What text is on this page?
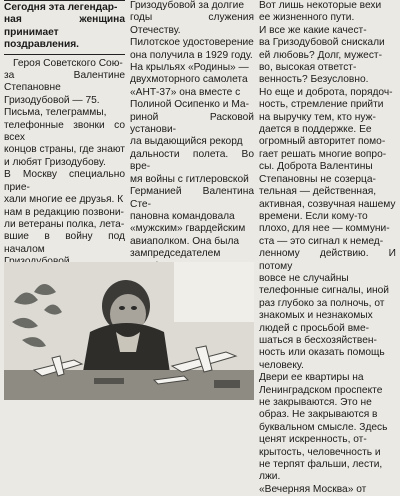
Сегодня эта легендар-
ная женщина принимает
поздравления.

Героя Советского Сою-
за Валентине Степановне
Гризодубовой — 75.
Письма, телеграммы,
телефонные звонки со всех
концов страны, где знают
и любят Гризодубову.
В Москву специально прие-
хали многие ее друзья. К
нам в редакцию позвони-
ли ветераны полка, лета-
вшие в войну под началом

Гризодубовой за долгие
годы служения Отечеству.
Пилотское удостоверение
она получила в 1929 году.
На крыльях «Родины» —
двухмоторного самолета
«АНТ-37» она вместе с
Полиной Осипенко и Ма-
риной Расковой установи-
ла выдающийся рекорд
дальности полета. Во вре-
мя войны с гитлеровской
Германией Валентина Сте-
пановна командовала
«мужским» гвардейским
авиаполком. Она была
зампредседателем

Вот лишь некоторые вехи
ее жизненного пути.
И все же какие качест-
ва Гризодубовой снискали
ей любовь? Долг, мужест-
во, высокая ответст-
венность? Безусловно.
Но еще и доброта, порядоч-
ность, стремление прийти
на выручку тем, кто нуж-
дается в поддержке. Ее
огромный авторитет помо-
гает решать многие вопро-
сы. Доброта Валентины
Степановны не созерца-
тельная — действенная,
активная, созвучная нашему
времени. Если кому-то
плохо, для нее — коммуни-
ста — это сигнал к немед-
ленному действию. И потому
вовсе не случайны
телефонные сигналы, иной
раз глубоко за полночь, от
знакомых и незнакомых
людей с просьбой вме-
шаться в бесхозяйствен-
ность или оказать помощь
человеку.
Двери ее квартиры на
Ленинградском проспекте
не закрываются. Это не
образ. Не закрываются в
буквальном смысле. Здесь
ценят искренность, от-
крытость, человечность и
не терпят фальши, лести,
лжи.
«Вечерняя Москва» от
